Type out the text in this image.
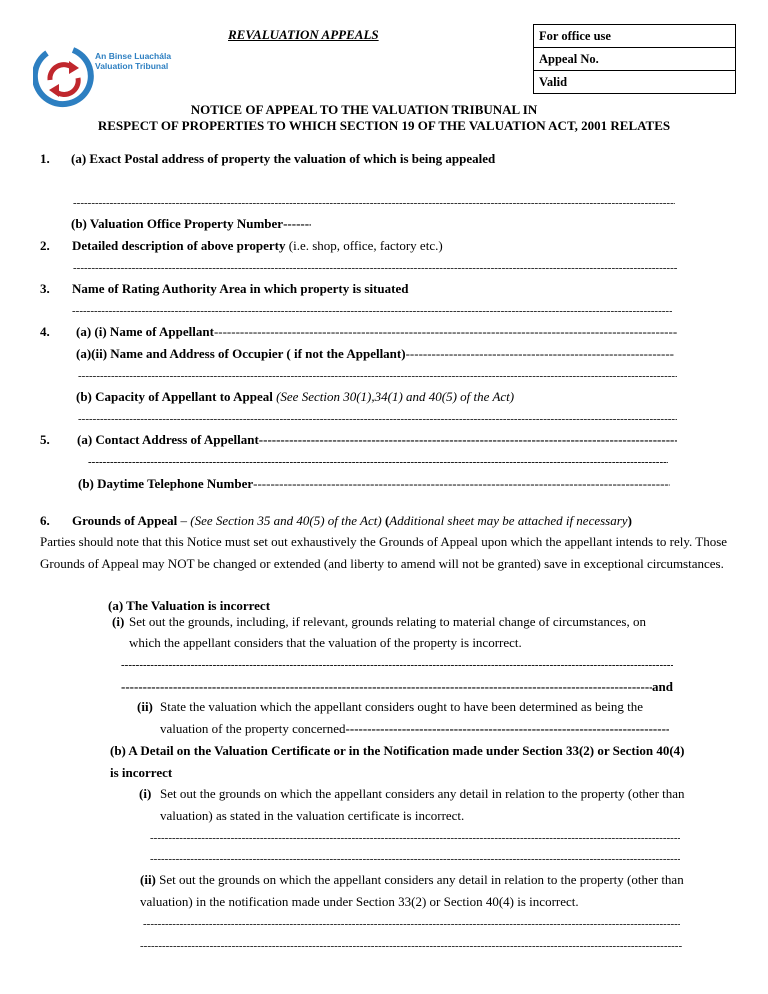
REVALUATION APPEALS	For office use
Appeal No.
Valid
An Binse Luachála
Valuation Tribunal
NOTICE OF APPEAL TO THE VALUATION TRIBUNAL IN
RESPECT OF PROPERTIES TO WHICH SECTION 19 OF THE VALUATION ACT, 2001 RELATES
1. (a) Exact Postal address of property the valuation of which is being appealed
-----
(b) Valuation Office Property Number
-----
2. Detailed description of above property (i.e. shop, office, factory etc.)
-----
3. Name of Rating Authority Area in which property is situated
-----
4. (a) (i) Name of Appellant
-----
(a)(ii) Name and Address of Occupier ( if not the Appellant)
-----
-----
(b) Capacity of Appellant to Appeal (See Section 30(1),34(1) and 40(5) of the Act)
-----
5. (a) Contact Address of Appellant
-----
-----
(b) Daytime Telephone Number
-----
6. Grounds of Appeal – (See Section 35 and 40(5) of the Act) (Additional sheet may be attached if necessary)
Parties should note that this Notice must set out exhaustively the Grounds of Appeal upon which the appellant intends to rely. Those Grounds of Appeal may NOT be changed or extended (and liberty to amend will not be granted) save in exceptional circumstances.
(a) The Valuation is incorrect
(i) Set out the grounds, including, if relevant, grounds relating to material change of circumstances, on
which the appellant considers that the valuation of the property is incorrect.
-----
-----
and
(ii) State the valuation which the appellant considers ought to have been determined as being the
valuation of the property concerned
-----
(b) A Detail on the Valuation Certificate or in the Notification made under Section 33(2) or Section 40(4)
is incorrect
(i) Set out the grounds on which the appellant considers any detail in relation to the property (other than
valuation) as stated in the valuation certificate is incorrect.
-----
-----
(ii) Set out the grounds on which the appellant considers any detail in relation to the property (other than
valuation) in the notification made under Section 33(2) or Section 40(4) is incorrect.
-----
-----
